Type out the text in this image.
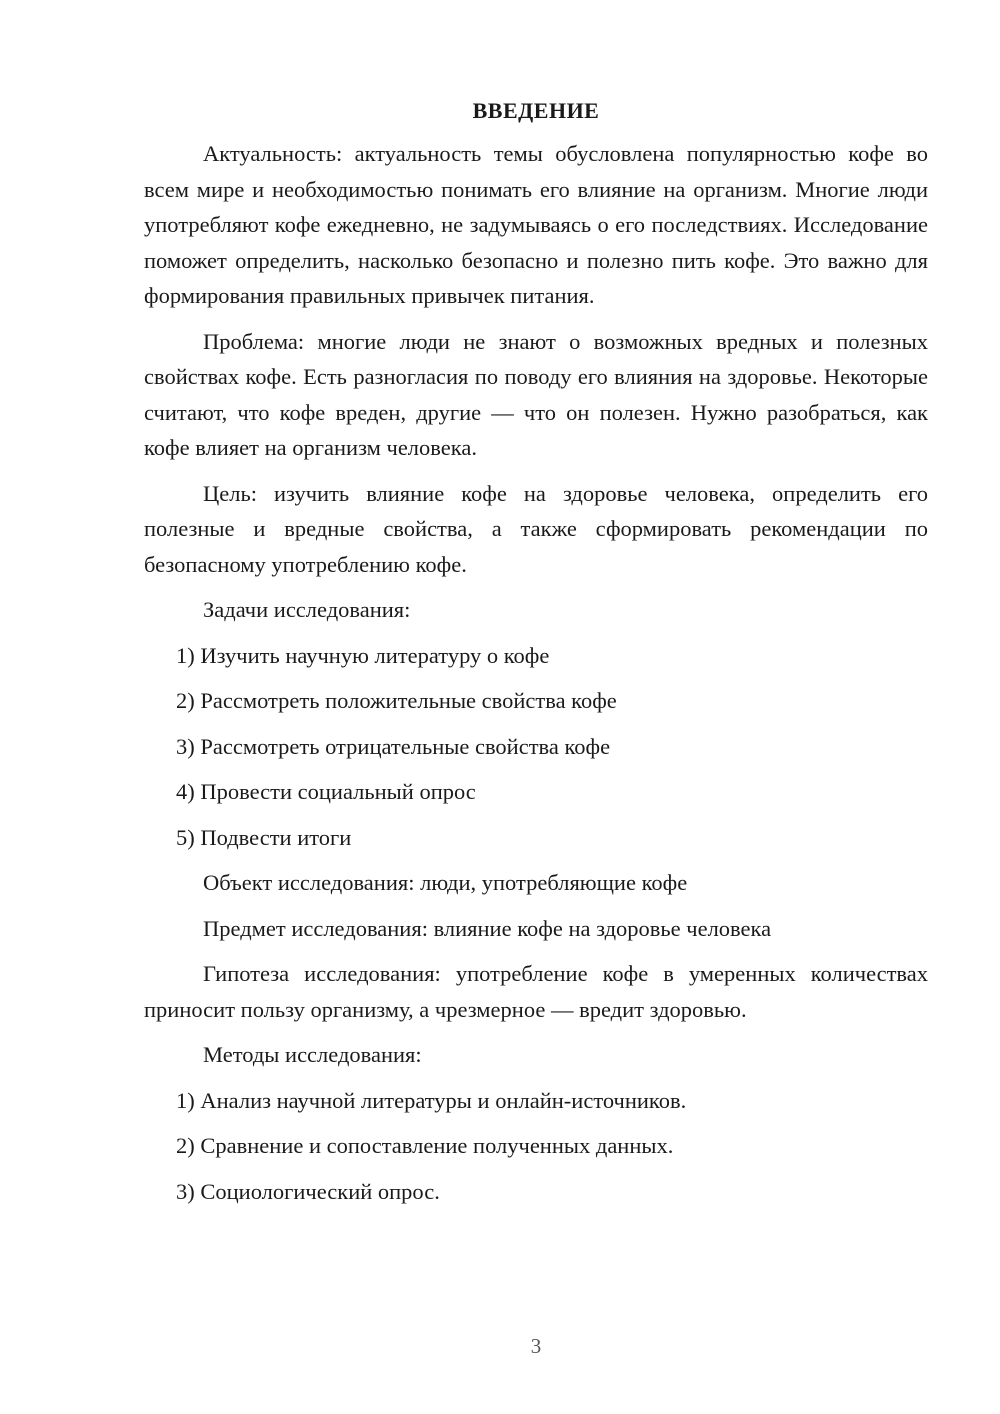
ВВЕДЕНИЕ

Актуальность: актуальность темы обусловлена популярностью кофе во всем мире и необходимостью понимать его влияние на организм. Многие люди употребляют кофе ежедневно, не задумываясь о его последствиях. Исследование поможет определить, насколько безопасно и полезно пить кофе. Это важно для формирования правильных привычек питания.

Проблема: многие люди не знают о возможных вредных и полезных свойствах кофе. Есть разногласия по поводу его влияния на здоровье. Некоторые считают, что кофе вреден, другие — что он полезен. Нужно разобраться, как кофе влияет на организм человека.

Цель: изучить влияние кофе на здоровье человека, определить его полезные и вредные свойства, а также сформировать рекомендации по безопасному употреблению кофе.

Задачи исследования:

1) Изучить научную литературу о кофе
2) Рассмотреть положительные свойства кофе
3) Рассмотреть отрицательные свойства кофе
4) Провести социальный опрос
5) Подвести итоги

Объект исследования: люди, употребляющие кофе

Предмет исследования: влияние кофе на здоровье человека

Гипотеза исследования: употребление кофе в умеренных количествах приносит пользу организму, а чрезмерное — вредит здоровью.

Методы исследования:

1) Анализ научной литературы и онлайн-источников.
2) Сравнение и сопоставление полученных данных.
3) Социологический опрос.
3
